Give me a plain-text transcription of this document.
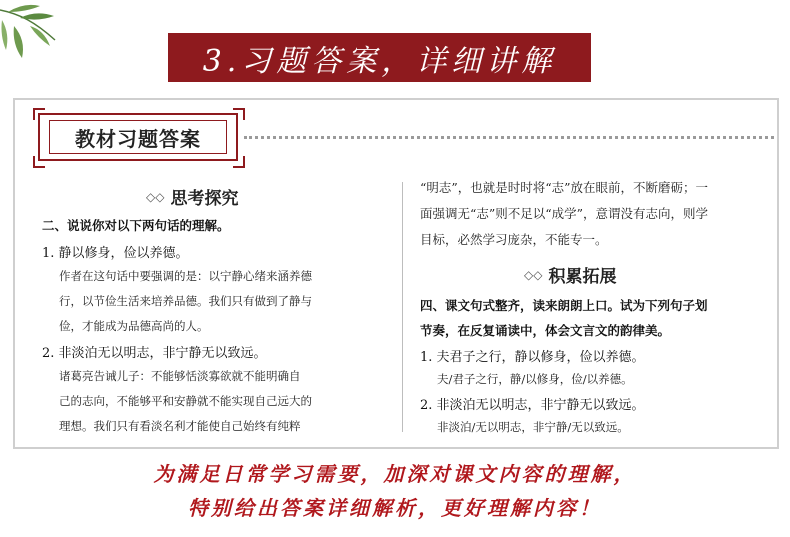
3.习题答案，详细讲解
教材习题答案
◇◇ 思考探究
二、说说你对以下两句话的理解。
1. 静以修身，俭以养德。
作者在这句话中要强调的是：以宁静心绪来涵养德
行，以节俭生活来培养品德。我们只有做到了静与
俭，才能成为品德高尚的人。
2. 非淡泊无以明志，非宁静无以致远。
诸葛亮告诫儿子：不能够恬淡寡欲就不能明确自
己的志向，不能够平和安静就不能实现自己远大的
理想。我们只有看淡名利才能使自己始终有纯粹
“明志”，也就是时时将“志”放在眼前，不断磨砺；一
面强调无“志”则不足以“成学”，意谓没有志向，则学
目标，必然学习庞杂，不能专一。
◇◇ 积累拓展
四、课文句式整齐，读来朗朗上口。试为下列句子划
节奏，在反复诵读中，体会文言文的韵律美。
1. 夫君子之行，静以修身，俭以养德。
夫/君子之行，静/以修身，俭/以养德。
2. 非淡泊无以明志，非宁静无以致远。
非淡泊/无以明志，非宁静/无以致远。
为满足日常学习需要，加深对课文内容的理解，
特别给出答案详细解析，更好理解内容！
